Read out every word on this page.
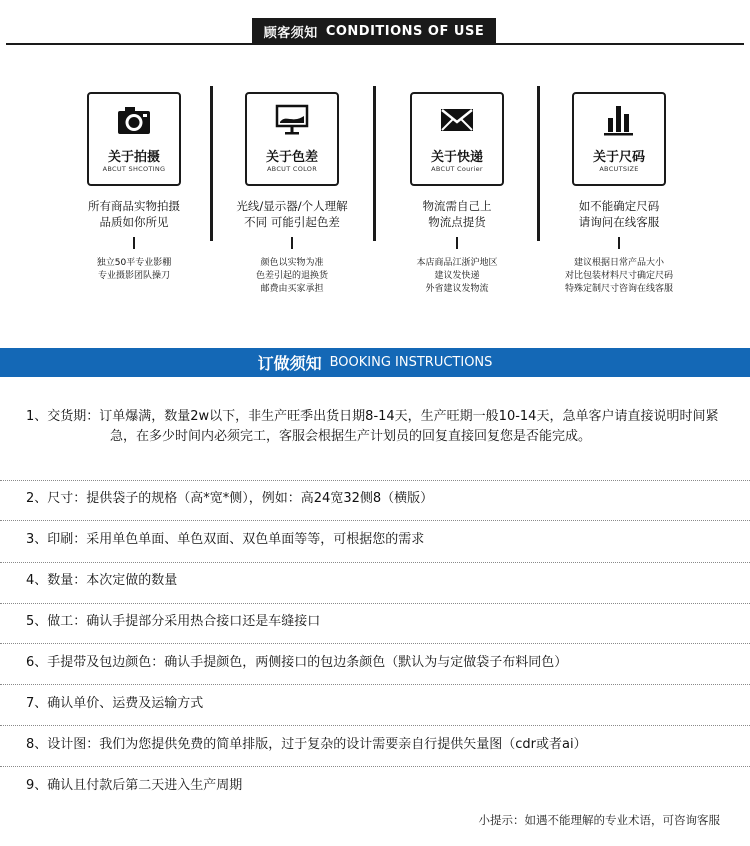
顾客须知 CONDITIONS OF USE
关于拍摄
ABCUT SHCOTING
所有商品实物拍摄
品质如你所见
独立50平专业影棚
专业摄影团队操刀
关于色差
ABCUT COLOR
光线/显示器/个人理解
不同 可能引起色差
颜色以实物为准
色差引起的退换货
邮费由买家承担
关于快递
ABCUT Courier
物流需自己上
物流点提货
本店商品江浙沪地区
建议发快递
外省建议发物流
关于尺码
ABCUTSIZE
如不能确定尺码
请询问在线客服
建议根据日常产品大小
对比包装材料尺寸确定尺码
特殊定制尺寸咨询在线客服
订做须知 BOOKING INSTRUCTIONS
1、交货期：订单爆满，数量2w以下，非生产旺季出货日期8-14天，生产旺期一般10-14天，急单客户请直接说明时间紧急，在多少时间内必须完工，客服会根据生产计划员的回复直接回复您是否能完成。
2、尺寸：提供袋子的规格（高*宽*侧），例如：高24宽32侧8（横版）
3、印刷：采用单色单面、单色双面、双色单面等等，可根据您的需求
4、数量：本次定做的数量
5、做工：确认手提部分采用热合接口还是车缝接口
6、手提带及包边颜色：确认手提颜色，两侧接口的包边条颜色（默认为与定做袋子布料同色）
7、确认单价、运费及运输方式
8、设计图：我们为您提供免费的简单排版，过于复杂的设计需要亲自行提供矢量图（cdr或者ai）
9、确认且付款后第二天进入生产周期
小提示：如遇不能理解的专业术语，可咨询客服
